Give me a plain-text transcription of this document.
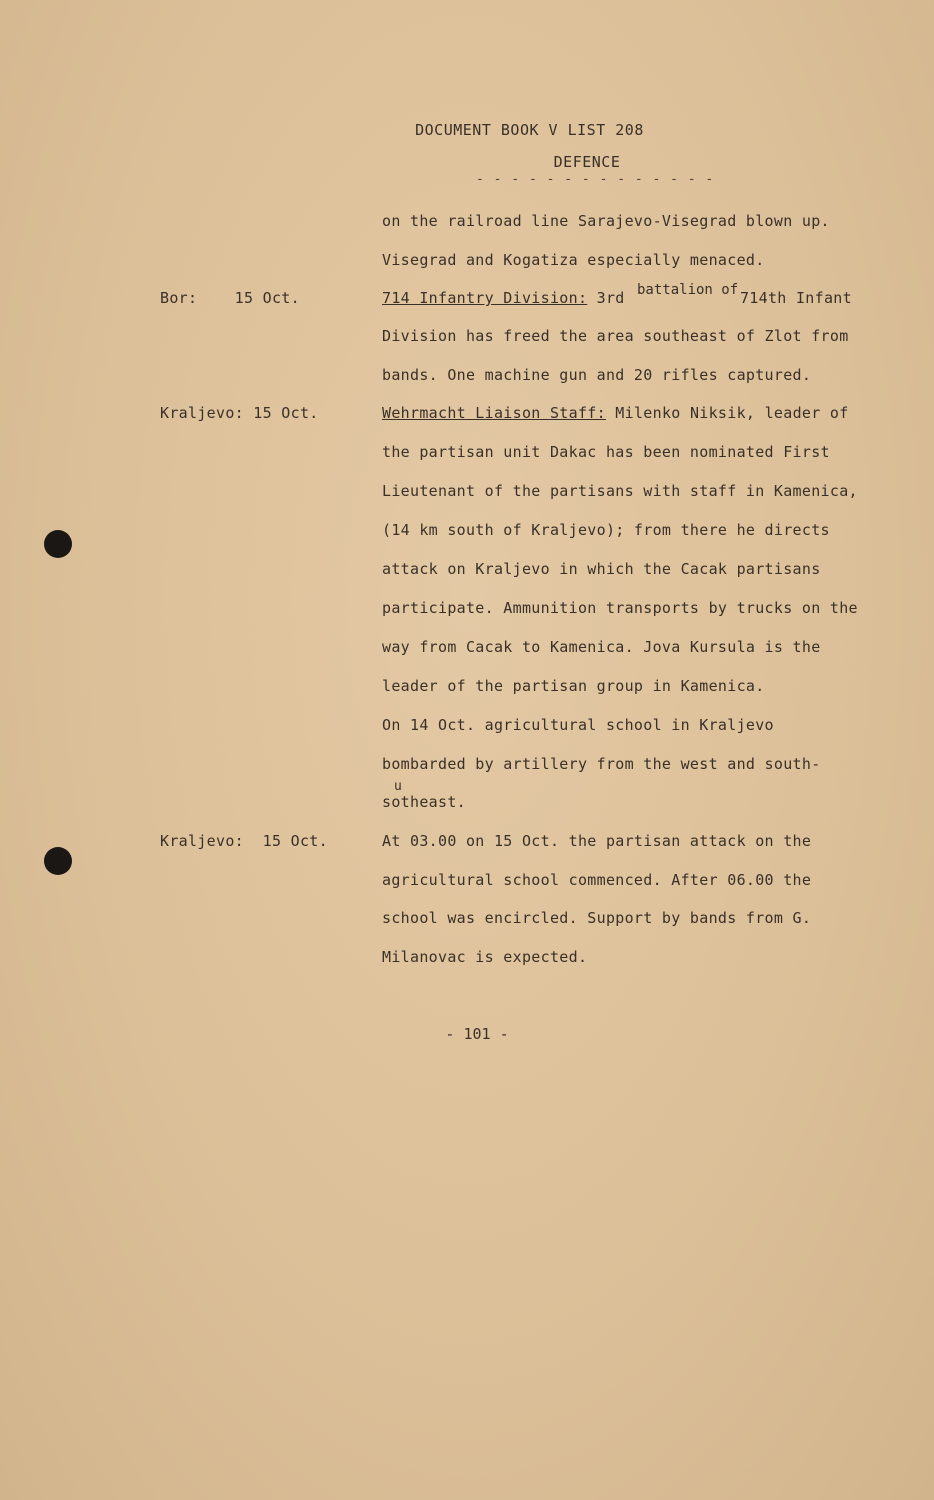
DOCUMENT BOOK V LIST 208
DEFENCE
- - - - - - - - - - - - - -
Bor:    15 Oct.
Kraljevo: 15 Oct.
Kraljevo:  15 Oct.
on the railroad line Sarajevo-Visegrad blown up.
Visegrad and Kogatiza especially menaced.
battalion of
714 Infantry Division: 3rd	714th Infant
Division has freed the area southeast of Zlot from
bands. One machine gun and 20 rifles captured.
Wehrmacht Liaison Staff: Milenko Niksik, leader of
the partisan unit Dakac has been nominated First
Lieutenant of the partisans with staff in Kamenica,
(14 km south of Kraljevo); from there he directs
attack on Kraljevo in which the Cacak partisans
participate. Ammunition transports by trucks on the
way from Cacak to Kamenica. Jova Kursula is the
leader of the partisan group in Kamenica.
On 14 Oct. agricultural school in Kraljevo
bombarded by artillery from the west and south-
u
sotheast.
At 03.00 on 15 Oct. the partisan attack on the
agricultural school commenced. After 06.00 the
school was encircled. Support by bands from G.
Milanovac is expected.
- 101 -
